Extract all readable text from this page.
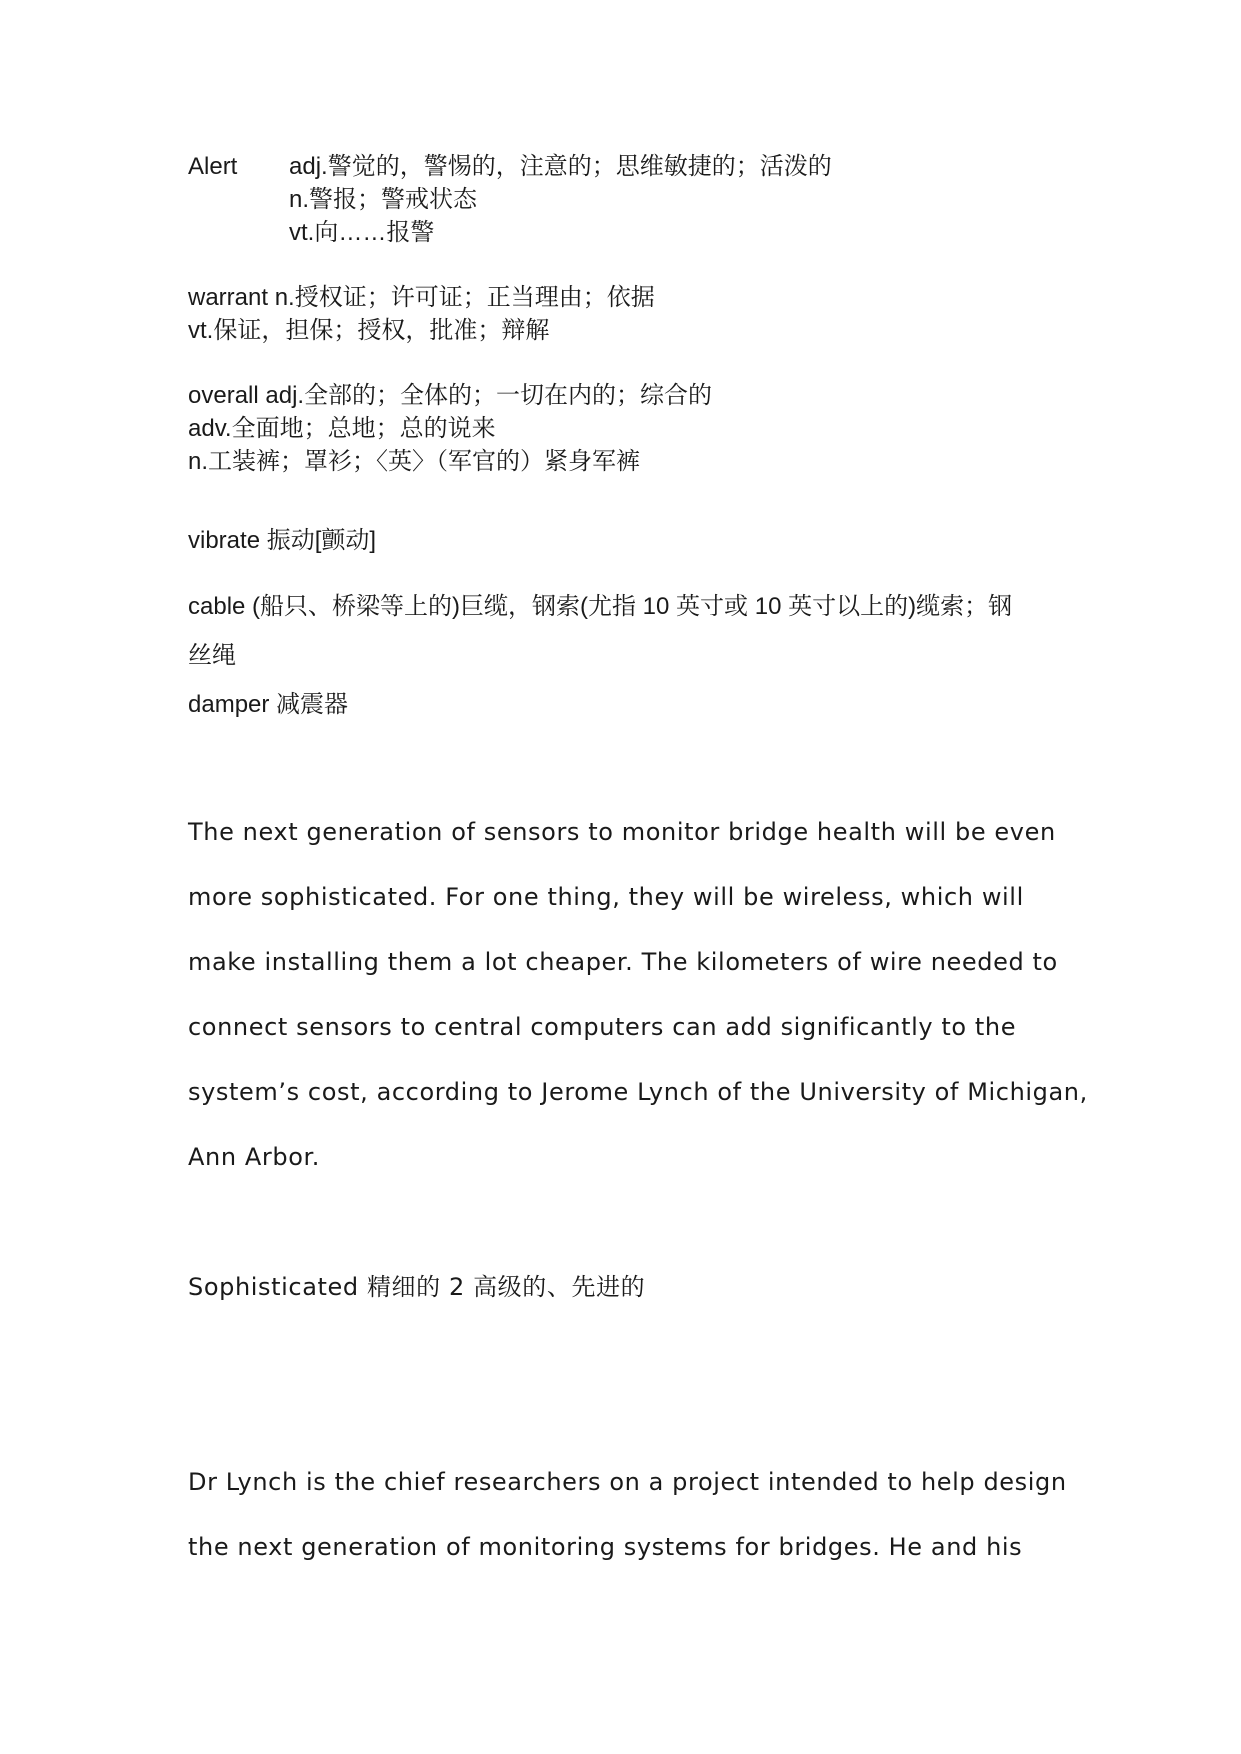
Alert	adj.警觉的，警惕的，注意的；思维敏捷的；活泼的
n.警报；警戒状态
vt.向……报警
warrant n.授权证；许可证；正当理由；依据
vt.保证，担保；授权，批准；辩解
overall adj.全部的；全体的；一切在内的；综合的
adv.全面地；总地；总的说来
n.工装裤；罩衫；〈英〉（军官的）紧身军裤
vibrate 振动[颤动]
cable (船只、桥梁等上的)巨缆，钢索(尤指 10 英寸或 10 英寸以上的)缆索；钢
丝绳
damper 减震器
The next generation of sensors to monitor bridge health will be even
more sophisticated. For one thing, they will be wireless, which will
make installing them a lot cheaper. The kilometers of wire needed to
connect sensors to central computers can add significantly to the
system’s cost, according to Jerome Lynch of the University of Michigan,
Ann Arbor.
Sophisticated 精细的 2 高级的、先进的
Dr Lynch is the chief researchers on a project intended to help design
the next generation of monitoring systems for bridges. He and his
